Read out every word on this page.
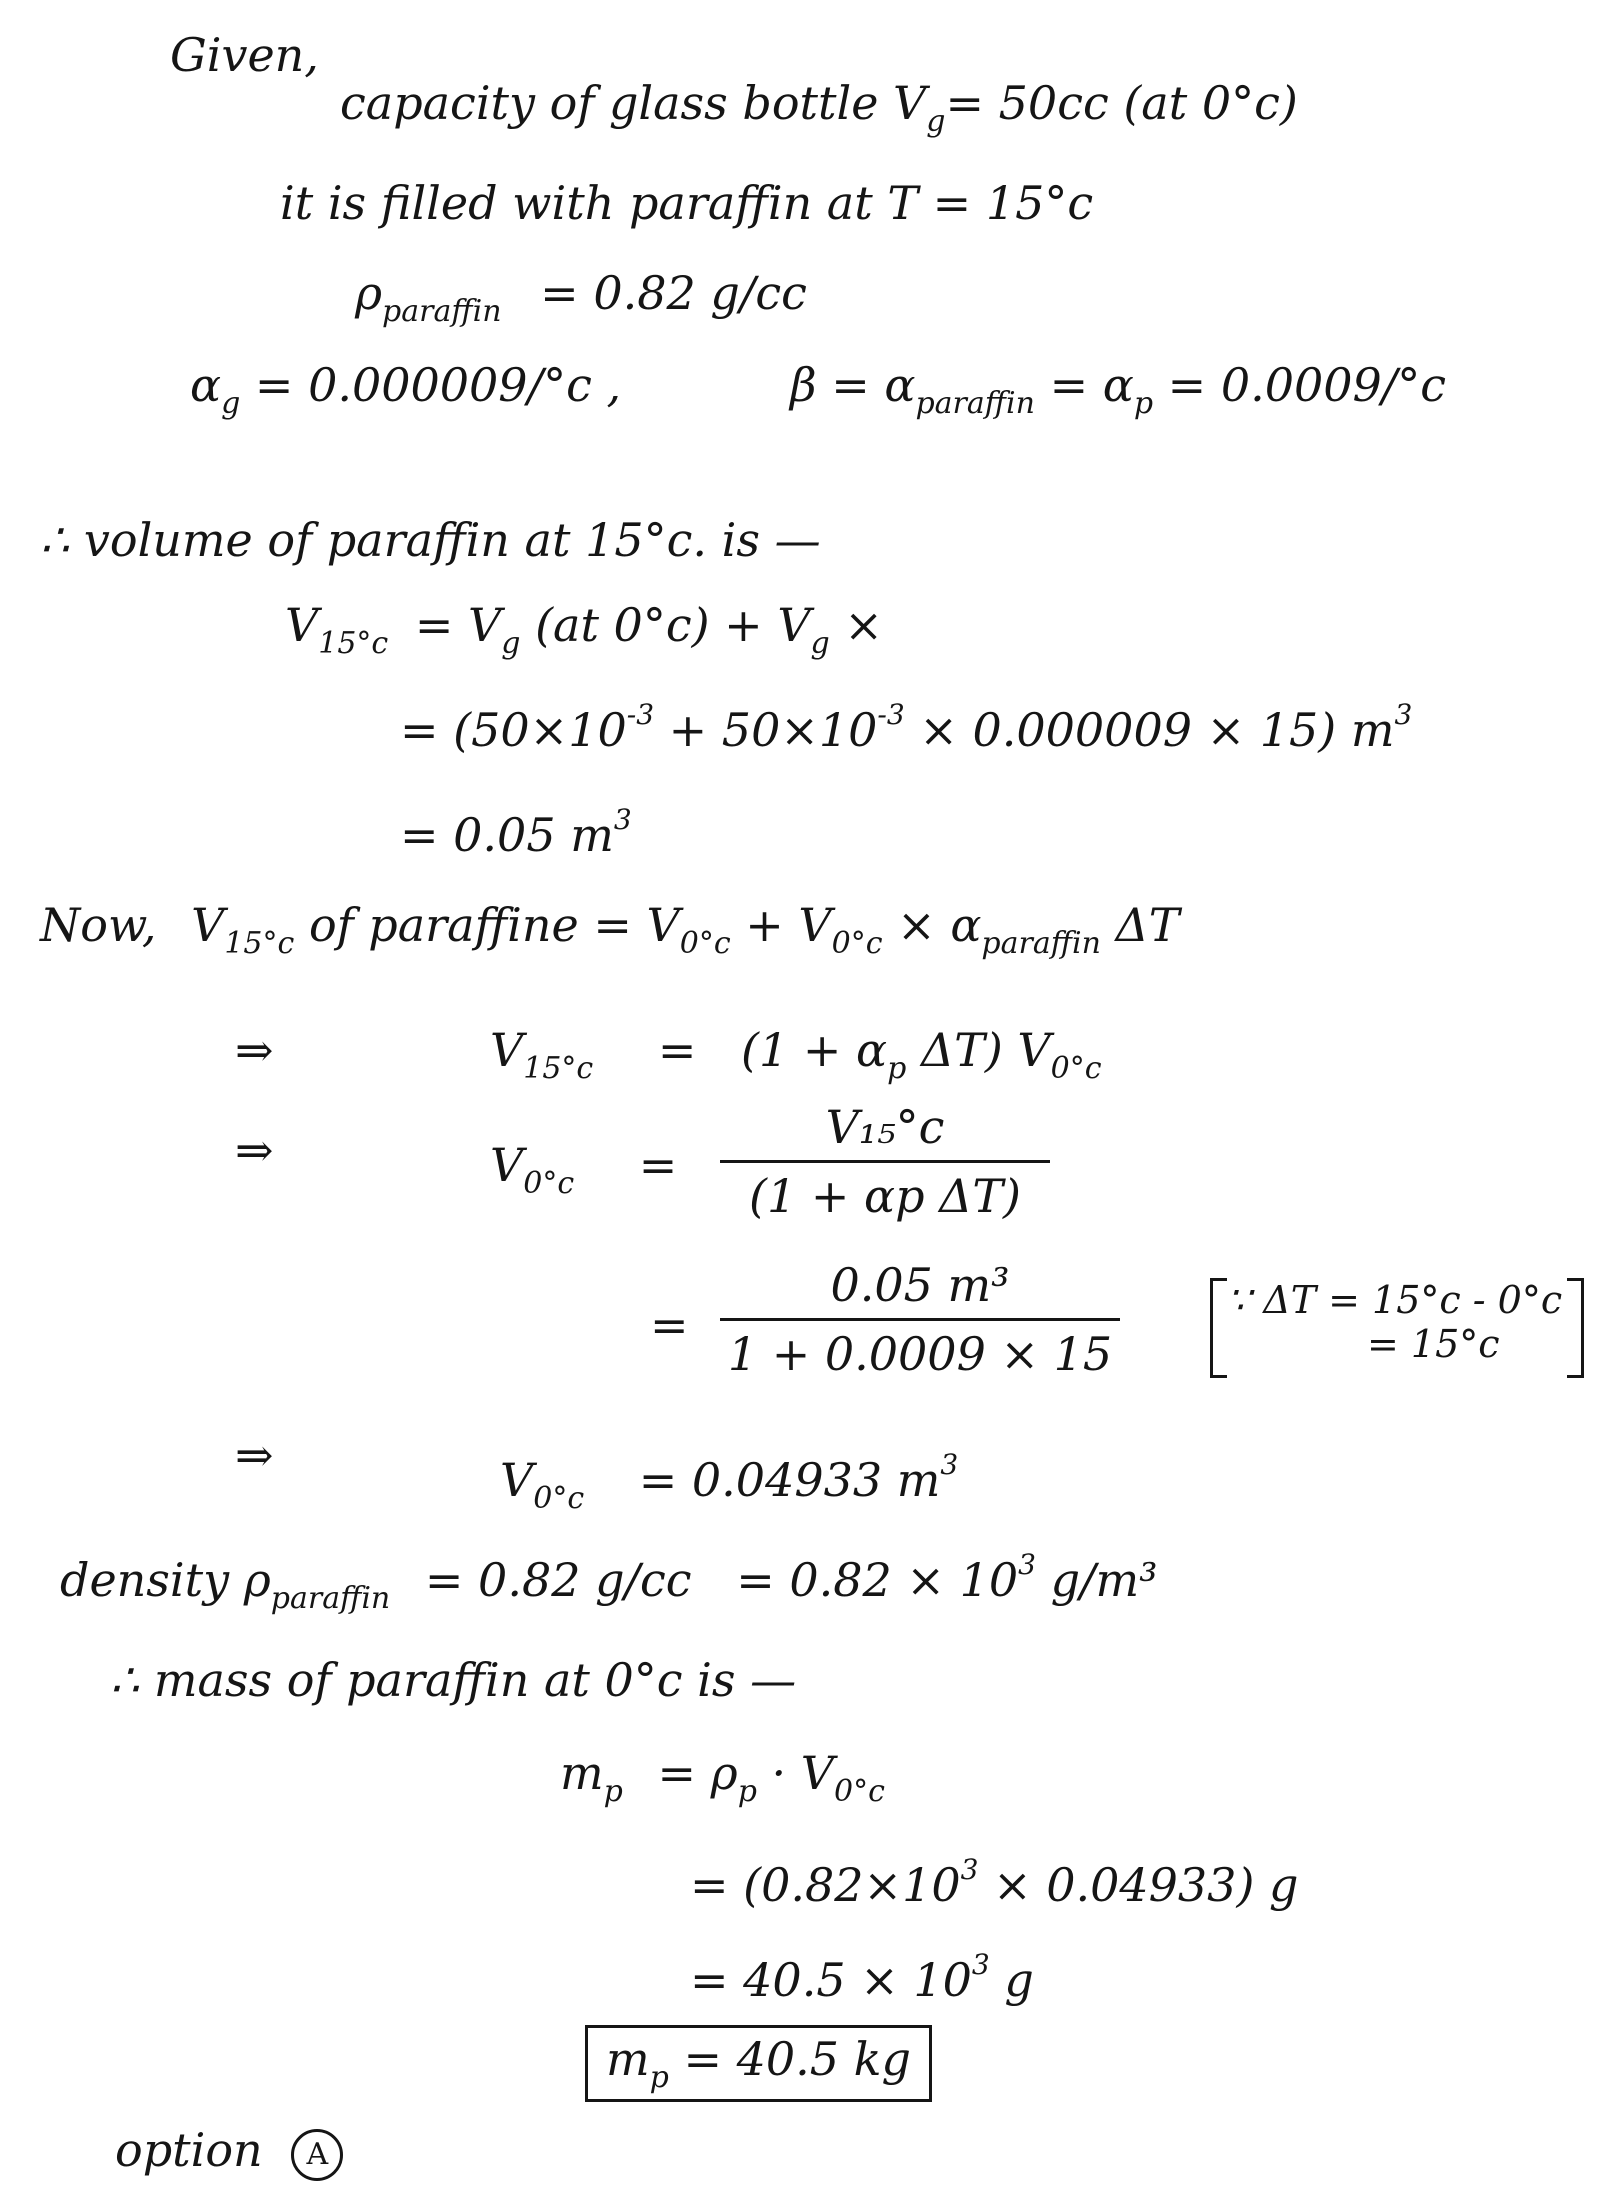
Given,
capacity of glass bottle $V_g= 50cc$ (at 0°c)
it is filled with paraffin at T = 15°c
$\rho_{paraffin} = 0.82$ g/cc
$\alpha_g = 0.000009/^\circ c$ ,	$\beta = \alpha_{paraffin} = \alpha_p = 0.0009/^\circ c$
∴ volume of paraffin at 15°c. is —
$V_{15^\circ c} = V_g$ (at $0^\circ c) + V_g$ ×
= $(50\times 10^{-3} + 50\times 10^{-3} \times 0.000009 \times 15)$ $m^3$
= 0.05 $m^3$
Now, $V_{15^\circ c}$ of paraffine = $V_{0^\circ c} + V_{0^\circ c} \times \alpha_{paraffin}$ ΔT
⇒	$V_{15^\circ c} = (1 + \alpha_p$ ΔT) $V_{0^\circ c}$
⇒	$V_{0^\circ c}$ =
V₁₅°c
(1 + αp ΔT)
=
0.05 m³
1 + 0.0009 × 15
∵ ΔT = 15°c - 0°c
= 15°c
⇒	$V_{0^\circ c} = 0.04933$ $m^3$
density $\rho_{paraffin} = 0.82$ $g/cc = 0.82 \times 10^3$ g/m³
∴ mass of paraffin at 0°c is —
$m_p = \rho_p \cdot V_{0^\circ c}$
= $(0.82\times 10^3 \times 0.04933)$ g
= $40.5 \times 10^3$ g
$m_p = 40.5$ kg
option A
